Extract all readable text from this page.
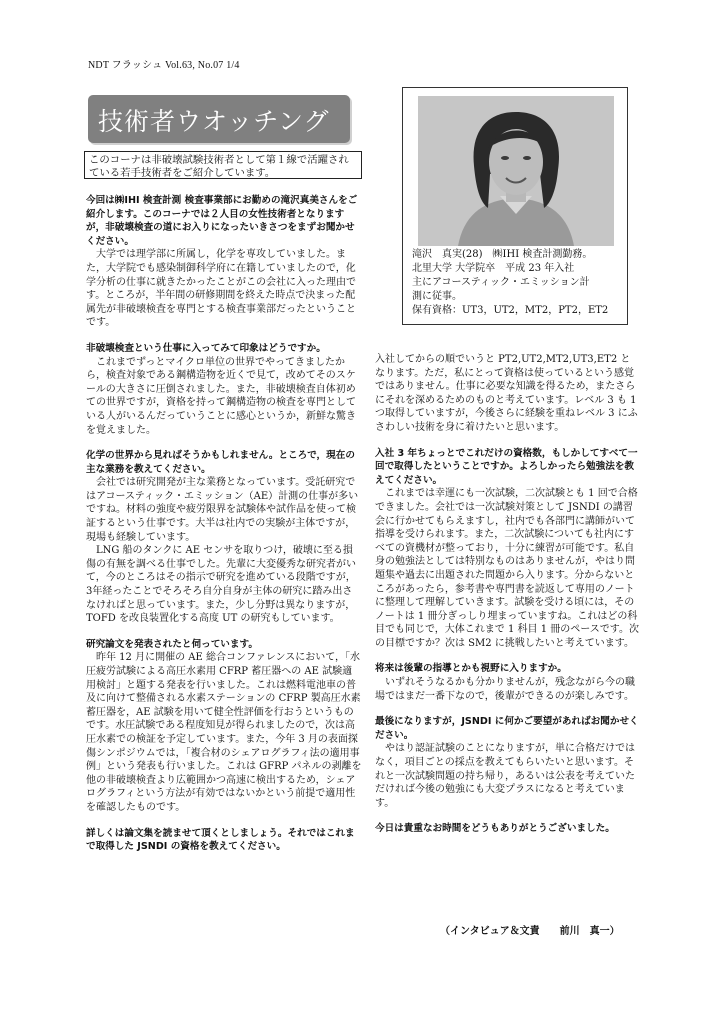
NDT フラッシュ Vol.63, No.07 1/4
技術者ウオッチング
このコーナは非破壊試験技術者として第１線で活躍されている若手技術者をご紹介しています。
滝沢　真実(28)　㈱IHI 検査計測勤務。
北里大学 大学院卒　平成 23 年入社
主にアコースティック・エミッション計
測に従事。
保有資格：UT3，UT2，MT2，PT2，ET2

今回は㈱IHI 検査計測 検査事業部にお勤めの滝沢真美さんをご紹介します。このコーナでは２人目の女性技術者となりますが，非破壊検査の道にお入りになったいきさつをまずお聞かせください。

大学では理学部に所属し，化学を専攻していました。また，大学院でも感染制御科学府に在籍していましたので，化学分析の仕事に就きたかったことがこの会社に入った理由です。ところが，半年間の研修期間を終えた時点で決まった配属先が非破壊検査を専門とする検査事業部だったということです。

非破壊検査という仕事に入ってみて印象はどうですか。

これまでずっとマイクロ単位の世界でやってきましたから，検査対象である鋼構造物を近くで見て，改めてそのスケールの大きさに圧倒されました。また，非破壊検査自体初めての世界ですが，資格を持って鋼構造物の検査を専門としている人がいるんだっていうことに感心というか，新鮮な驚きを覚えました。

化学の世界から見ればそうかもしれません。ところで，現在の主な業務を教えてください。

会社では研究開発が主な業務となっています。受託研究ではアコースティック・エミッション（AE）計測の仕事が多いですね。材料の強度や疲労限界を試験体や試作品を使って検証するという仕事です。大半は社内での実験が主体ですが，現場も経験しています。

LNG 船のタンクに AE センサを取りつけ，破壊に至る損傷の有無を調べる仕事でした。先輩に大変優秀な研究者がいて，今のところはその指示で研究を進めている段階ですが，3年経ったことでそろそろ自分自身が主体の研究に踏み出さなければと思っています。また，少し分野は異なりますが，TOFD を改良装置化する高度 UT の研究もしています。

研究論文を発表されたと伺っています。

昨年 12 月に開催の AE 総合コンファレンスにおいて，「水圧疲労試験による高圧水素用 CFRP 蓄圧器への AE 試験適用検討」と題する発表を行いました。これは燃料電池車の普及に向けて整備される水素ステーションの CFRP 製高圧水素蓄圧器を，AE 試験を用いて健全性評価を行おうというものです。水圧試験である程度知見が得られましたので，次は高圧水素での検証を予定しています。また，今年 3 月の表面探傷シンポジウムでは，「複合材のシェアログラフィ法の適用事例」という発表も行いました。これは GFRP パネルの剥離を他の非破壊検査より広範囲かつ高速に検出するため，シェアログラフィという方法が有効ではないかという前提で適用性を確認したものです。

詳しくは論文集を読ませて頂くとしましょう。それではこれまで取得した JSNDI の資格を教えてください。

入社してからの順でいうと PT2,UT2,MT2,UT3,ET2 となります。ただ，私にとって資格は使っているという感覚ではありません。仕事に必要な知識を得るため，またさらにそれを深めるためのものと考えています。レベル 3 も 1 つ取得していますが，今後さらに経験を重ねレベル 3 にふさわしい技術を身に着けたいと思います。

入社 3 年ちょっとでこれだけの資格数，もしかしてすべて一回で取得したということですか。よろしかったら勉強法を教えてください。

これまでは幸運にも一次試験，二次試験とも 1 回で合格できました。会社では一次試験対策として JSNDI の講習会に行かせてもらえますし，社内でも各部門に講師がいて指導を受けられます。また，二次試験についても社内にすべての資機材が整っており，十分に練習が可能です。私自身の勉強法としては特別なものはありませんが，やはり問題集や過去に出題された問題から入ります。分からないところがあったら，参考書や専門書を読返して専用のノートに整理して理解していきます。試験を受ける頃には，そのノートは 1 冊分ぎっしり埋まっていますね。これはどの科目でも同じで，大体これまで 1 科目 1 冊のペースです。次の目標ですか？次は SM2 に挑戦したいと考えています。

将来は後輩の指導とかも視野に入りますか。

いずれそうなるかも分かりませんが，残念ながら今の職場ではまだ一番下なので，後輩ができるのが楽しみです。

最後になりますが，JSNDI に何かご要望があればお聞かせください。

やはり認証試験のことになりますが，単に合格だけではなく，項目ごとの採点を教えてもらいたいと思います。それと一次試験問題の持ち帰り，あるいは公表を考えていただければ今後の勉強にも大変プラスになると考えています。

今日は貴重なお時間をどうもありがとうございました。

（インタビュア＆文責　　前川　真一）
